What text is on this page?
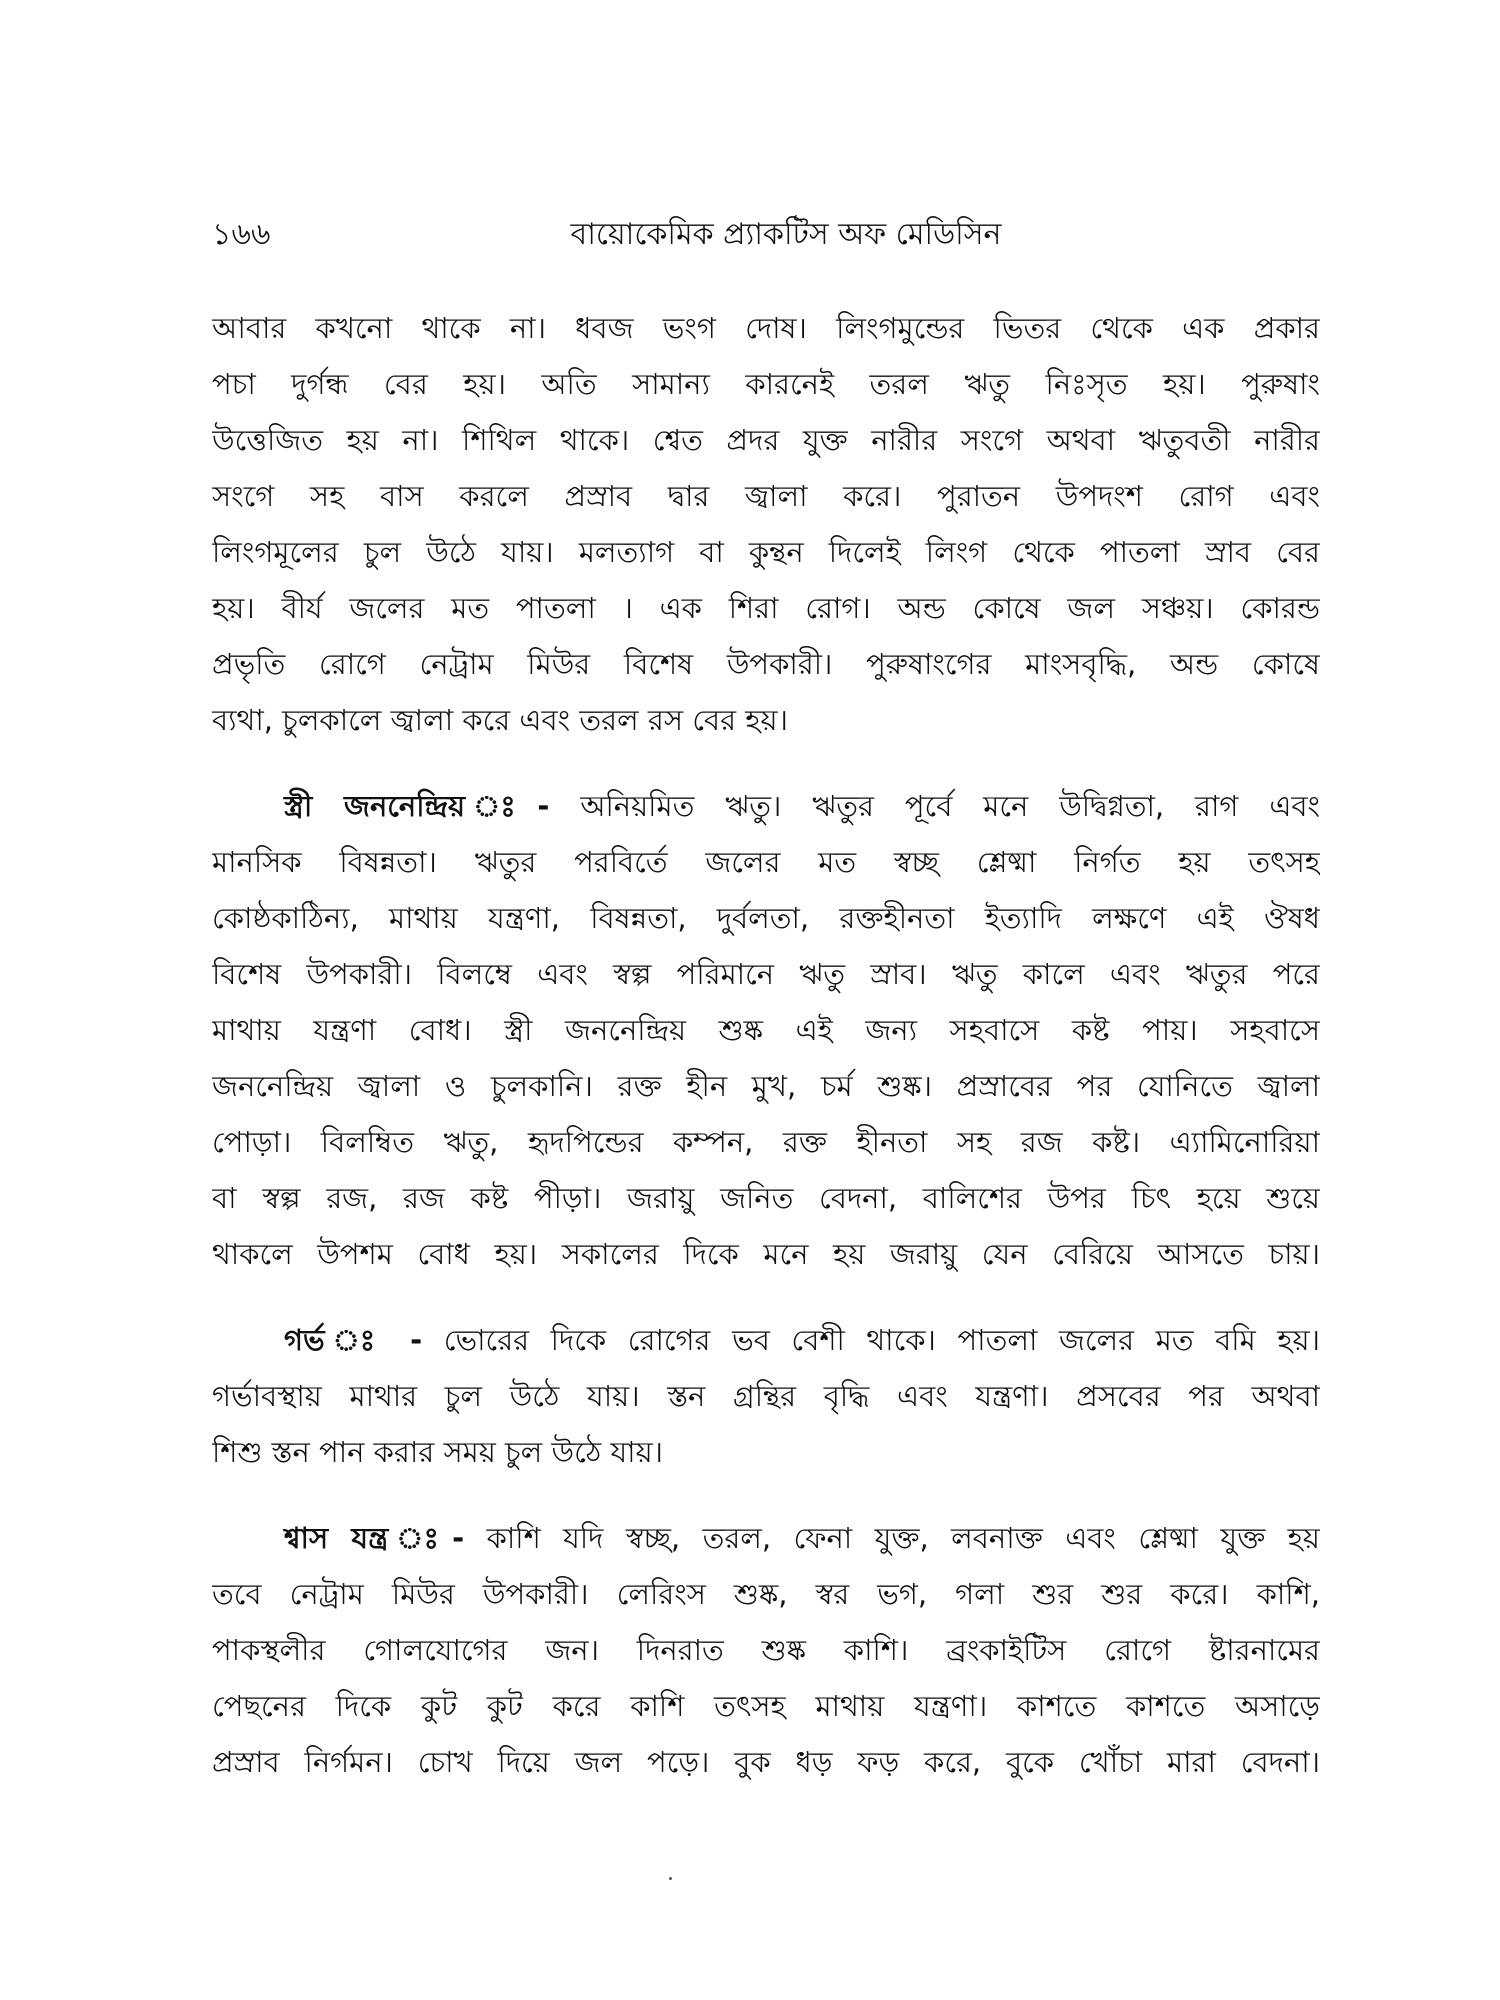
১৬৬	বায়োকেমিক প্র্যাকটিস অফ মেডিসিন
আবার কখনো থাকে না। ধবজ ভংগ দোষ। লিংগমুন্ডের ভিতর থেকে এক প্রকার
পচা দুর্গন্ধ বের হয়। অতি সামান্য কারনেই তরল ঋতু নিঃসৃত হয়। পুরুষাং
উত্তেজিত হয় না। শিথিল থাকে। শ্বেত প্রদর যুক্ত নারীর সংগে অথবা ঋতুবতী নারীর
সংগে সহ বাস করলে প্রস্রাব দ্বার জ্বালা করে। পুরাতন উপদংশ রোগ এবং
লিংগমূলের চুল উঠে যায়। মলত্যাগ বা কুন্থন দিলেই লিংগ থেকে পাতলা স্রাব বের
হয়। বীর্য জলের মত পাতলা । এক শিরা রোগ। অন্ড কোষে জল সঞ্চয়। কোরন্ড
প্রভৃতি রোগে নেট্রাম মিউর বিশেষ উপকারী। পুরুষাংগের মাংসবৃদ্ধি, অন্ড কোষে
ব্যথা, চুলকালে জ্বালা করে এবং তরল রস বের হয়।
স্ত্রী জননেন্দ্রিয় ঃ- অনিয়মিত ঋতু। ঋতুর পূর্বে মনে উদ্বিগ্নতা, রাগ এবং
মানসিক বিষন্নতা। ঋতুর পরবির্তে জলের মত স্বচ্ছ শ্লেষ্মা নির্গত হয় তৎসহ
কোষ্ঠকাঠিন্য, মাথায় যন্ত্রণা, বিষন্নতা, দুর্বলতা, রক্তহীনতা ইত্যাদি লক্ষণে এই ঔষধ
বিশেষ উপকারী। বিলম্বে এবং স্বল্প পরিমানে ঋতু স্রাব। ঋতু কালে এবং ঋতুর পরে
মাথায় যন্ত্রণা বোধ। স্ত্রী জননেন্দ্রিয় শুষ্ক এই জন্য সহবাসে কষ্ট পায়। সহবাসে
জননেন্দ্রিয় জ্বালা ও চুলকানি। রক্ত হীন মুখ, চর্ম শুষ্ক। প্রস্রাবের পর যোনিতে জ্বালা
পোড়া। বিলম্বিত ঋতু, হৃদপিন্ডের কম্পন, রক্ত হীনতা সহ রজ কষ্ট। এ্যামিনোরিয়া
বা স্বল্প রজ, রজ কষ্ট পীড়া। জরায়ু জনিত বেদনা, বালিশের উপর চিৎ হয়ে শুয়ে
থাকলে উপশম বোধ হয়। সকালের দিকে মনে হয় জরায়ু যেন বেরিয়ে আসতে চায়।
গর্ভ ঃ - ভোরের দিকে রোগের ভব বেশী থাকে। পাতলা জলের মত বমি হয়।
গর্ভাবস্থায় মাথার চুল উঠে যায়। স্তন গ্রন্থির বৃদ্ধি এবং যন্ত্রণা। প্রসবের পর অথবা
শিশু স্তন পান করার সময় চুল উঠে যায়।
শ্বাস যন্ত্র ঃ- কাশি যদি স্বচ্ছ, তরল, ফেনা যুক্ত, লবনাক্ত এবং শ্লেষ্মা যুক্ত হয়
তবে নেট্রাম মিউর উপকারী। লেরিংস শুষ্ক, স্বর ভগ, গলা শুর শুর করে। কাশি,
পাকস্থলীর গোলযোগের জন। দিনরাত শুষ্ক কাশি। ব্রংকাইটিস রোগে ষ্টারনামের
পেছনের দিকে কুট কুট করে কাশি তৎসহ মাথায় যন্ত্রণা। কাশতে কাশতে অসাড়ে
প্রস্রাব নির্গমন। চোখ দিয়ে জল পড়ে। বুক ধড় ফড় করে, বুকে খোঁচা মারা বেদনা।
